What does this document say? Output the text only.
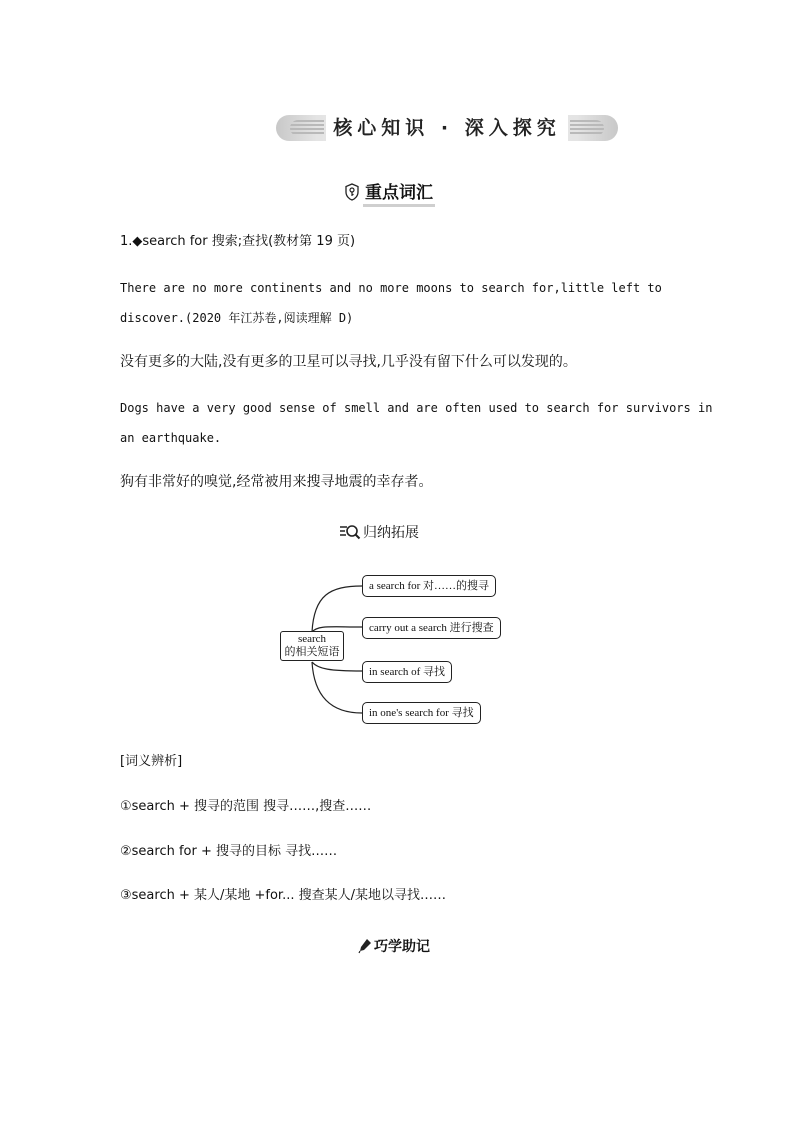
核心知识 · 深入探究
重点词汇
1.◆search for 搜索;查找(教材第 19 页)
There are no more continents and no more moons to search for,little left to
discover.(2020 年江苏卷,阅读理解 D)
没有更多的大陆,没有更多的卫星可以寻找,几乎没有留下什么可以发现的。
Dogs have a very good sense of smell and are often used to search for survivors in
an earthquake.
狗有非常好的嗅觉,经常被用来搜寻地震的幸存者。
归纳拓展
search
的相关短语
a search for 对……的搜寻
carry out a search 进行搜查
in search of 寻找
in one's search for 寻找
[词义辨析]
①search + 搜寻的范围 搜寻……,搜查……
②search for + 搜寻的目标 寻找……
③search + 某人/某地 +for... 搜查某人/某地以寻找……
巧学助记
